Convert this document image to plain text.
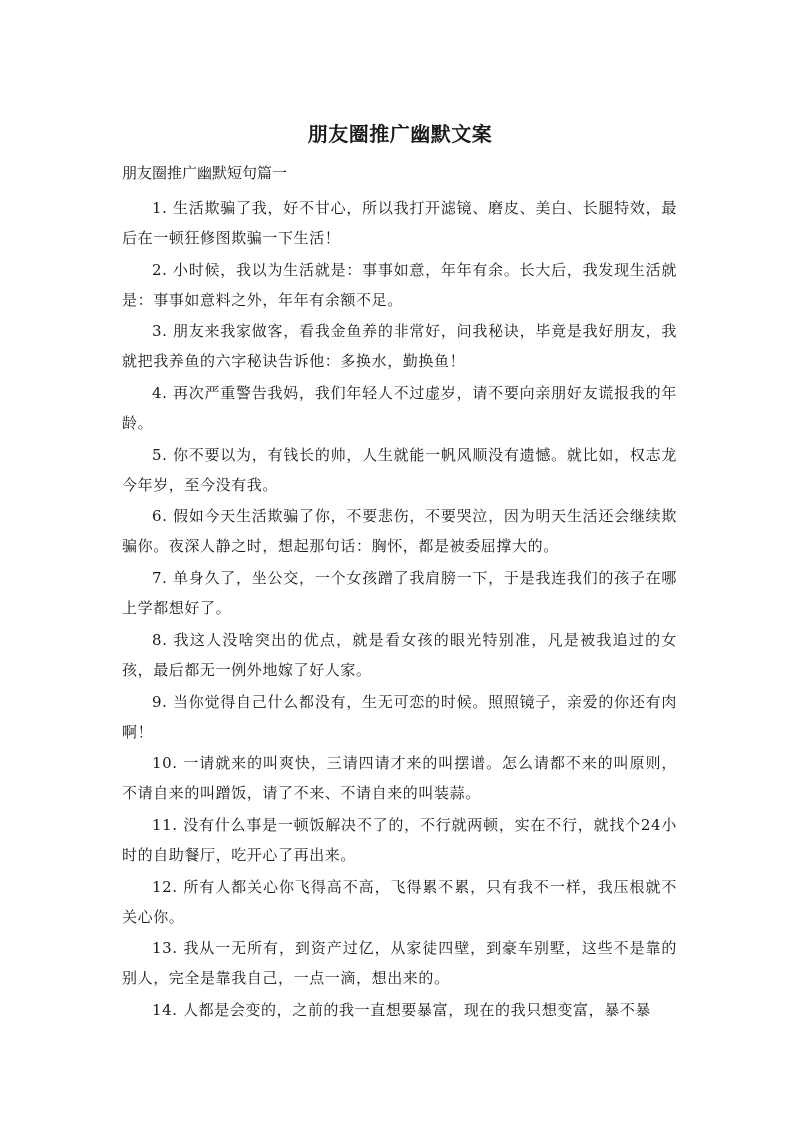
朋友圈推广幽默文案
朋友圈推广幽默短句篇一
1. 生活欺骗了我，好不甘心，所以我打开滤镜、磨皮、美白、长腿特效，最后在一顿狂修图欺骗一下生活！
2. 小时候，我以为生活就是：事事如意，年年有余。长大后，我发现生活就是：事事如意料之外，年年有余额不足。
3. 朋友来我家做客，看我金鱼养的非常好，问我秘诀，毕竟是我好朋友，我就把我养鱼的六字秘诀告诉他：多换水，勤换鱼！
4. 再次严重警告我妈，我们年轻人不过虚岁，请不要向亲朋好友谎报我的年龄。
5. 你不要以为，有钱长的帅，人生就能一帆风顺没有遗憾。就比如，权志龙今年岁，至今没有我。
6. 假如今天生活欺骗了你，不要悲伤，不要哭泣，因为明天生活还会继续欺骗你。夜深人静之时，想起那句话：胸怀，都是被委屈撑大的。
7. 单身久了，坐公交，一个女孩蹭了我肩膀一下，于是我连我们的孩子在哪上学都想好了。
8. 我这人没啥突出的优点，就是看女孩的眼光特别准，凡是被我追过的女孩，最后都无一例外地嫁了好人家。
9. 当你觉得自己什么都没有，生无可恋的时候。照照镜子，亲爱的你还有肉啊！
10. 一请就来的叫爽快，三请四请才来的叫摆谱。怎么请都不来的叫原则，不请自来的叫蹭饭，请了不来、不请自来的叫装蒜。
11. 没有什么事是一顿饭解决不了的，不行就两顿，实在不行，就找个24小时的自助餐厅，吃开心了再出来。
12. 所有人都关心你飞得高不高，飞得累不累，只有我不一样，我压根就不关心你。
13. 我从一无所有，到资产过亿，从家徒四壁，到豪车别墅，这些不是靠的别人，完全是靠我自己，一点一滴，想出来的。
14. 人都是会变的，之前的我一直想要暴富，现在的我只想变富，暴不暴
